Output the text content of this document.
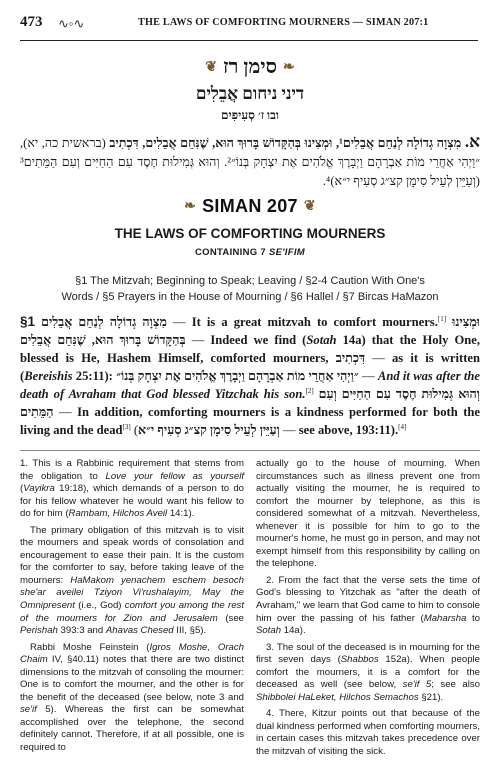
473 ∿◦∿	THE LAWS OF COMFORTING MOURNERS — SIMAN 207:1
❧סימן רז❦
דיני ניחום אֲבֵלִים
ובו ז׳ סְעִיפִים
א. מִצְוָה גְדוֹלָה לְנַחֵם אֲבֵלִים¹, וּמְצִינוּ בְּהַקָּדוֹשׁ בָּרוּךְ הוּא, שֶׁנִּחֵם אֲבֵלִים, דִּכְתִיב (בראשית כה, יא), ״וַיְהִי אַחֲרֵי מוֹת אַבְרָהָם וַיְבָרֶךְ אֱלֹהִים אֶת יִצְחָק בְּנוֹ״². וְהוּא גְּמִילוּת חֶסֶד עִם הַחַיִּים וְעִם הַמֵּתִים³ (וְעַיֵּין לְעֵיל סִימָן קצ״ג סְעִיף י״א)⁴.
❧ SIMAN 207 ❦
THE LAWS OF COMFORTING MOURNERS
CONTAINING 7 SE'IFIM
§1 The Mitzvah; Beginning to Speak; Leaving / §2-4 Caution With One's Words / §5 Prayers in the House of Mourning / §6 Hallel / §7 Bircas HaMazon
§1 מִצְוָה גְדוֹלָה לְנַחֵם אֲבֵלִים — It is a great mitzvah to comfort mourners.[1] וּמְצִינוּ בְּהַקָּדוֹשׁ בָּרוּךְ הוּא, שֶׁנִּחֵם אֲבֵלִים — Indeed we find (Sotah 14a) that the Holy One, blessed is He, Hashem Himself, comforted mourners, דִּכְתִיב — as it is written (Bereishis 25:11): ״וַיְהִי אַחֲרֵי מוֹת אַבְרָהָם וַיְבָרֶךְ אֱלֹהִים אֶת יִצְחָק בְּנוֹ״ — And it was after the death of Avraham that God blessed Yitzchak his son.[2] וְהוּא גְּמִילוּת חֶסֶד עִם הַחַיִּים וְעִם הַמֵּתִים — In addition, comforting mourners is a kindness performed for both the living and the dead[3] (וְעַיֵּין לְעֵיל סִימָן קצ״ג סְעִיף י״א — see above, 193:11).[4]

1. This is a Rabbinic requirement that stems from the obligation to Love your fellow as yourself (Vayikra 19:18), which demands of a person to do for his fellow whatever he would want his fellow to do for him (Rambam, Hilchos Aveil 14:1).

The primary obligation of this mitzvah is to visit the mourners and speak words of consolation and encouragement to ease their pain. It is the custom for the comforter to say, before taking leave of the mourners: HaMakom yenachem eschem besoch she'ar aveilei Tziyon Vi'rushalayim, May the Omnipresent (i.e., God) comfort you among the rest of the mourners for Zion and Jerusalem (see Perishah 393:3 and Ahavas Chesed III, §5).

Rabbi Moshe Feinstein (Igros Moshe, Orach Chaim IV, §40.11) notes that there are two distinct dimensions to the mitzvah of consoling the mourner: One is to comfort the mourner, and the other is for the benefit of the deceased (see below, note 3 and se'if 5). Whereas the first can be somewhat accomplished over the telephone, the second definitely cannot. Therefore, if at all possible, one is required to

actually go to the house of mourning. When circumstances such as illness prevent one from actually visiting the mourner, he is required to comfort the mourner by telephone, as this is considered somewhat of a mitzvah. Nevertheless, whenever it is possible for him to go to the mourner's home, he must go in person, and may not exempt himself from this responsibility by calling on the telephone.

2. From the fact that the verse sets the time of God's blessing to Yitzchak as "after the death of Avraham," we learn that God came to him to console him over the passing of his father (Maharsha to Sotah 14a).

3. The soul of the deceased is in mourning for the first seven days (Shabbos 152a). When people comfort the mourners, it is a comfort for the deceased as well (see below, se'if 5; see also Shibbolei HaLeket, Hilchos Semachos §21).

4. There, Kitzur points out that because of the dual kindness performed when comforting mourners, in certain cases this mitzvah takes precedence over the mitzvah of visiting the sick.
